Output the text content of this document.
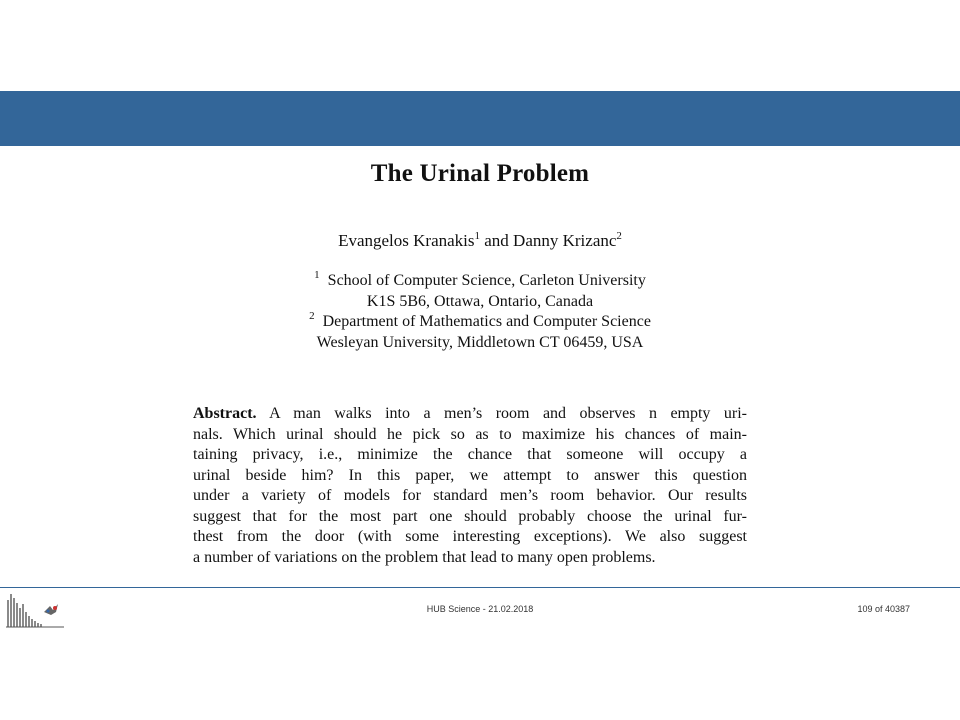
The Urinal Problem
Evangelos Kranakis$^1$ and Danny Krizanc$^2$
$^1$ School of Computer Science, Carleton University
K1S 5B6, Ottawa, Ontario, Canada
$^2$ Department of Mathematics and Computer Science
Wesleyan University, Middletown CT 06459, USA
Abstract. A man walks into a men’s room and observes n empty uri-
nals. Which urinal should he pick so as to maximize his chances of main-
taining privacy, i.e., minimize the chance that someone will occupy a
urinal beside him? In this paper, we attempt to answer this question
under a variety of models for standard men’s room behavior. Our results
suggest that for the most part one should probably choose the urinal fur-
thest from the door (with some interesting exceptions). We also suggest
a number of variations on the problem that lead to many open problems.
HUB Science - 21.02.2018	109 of 40387
